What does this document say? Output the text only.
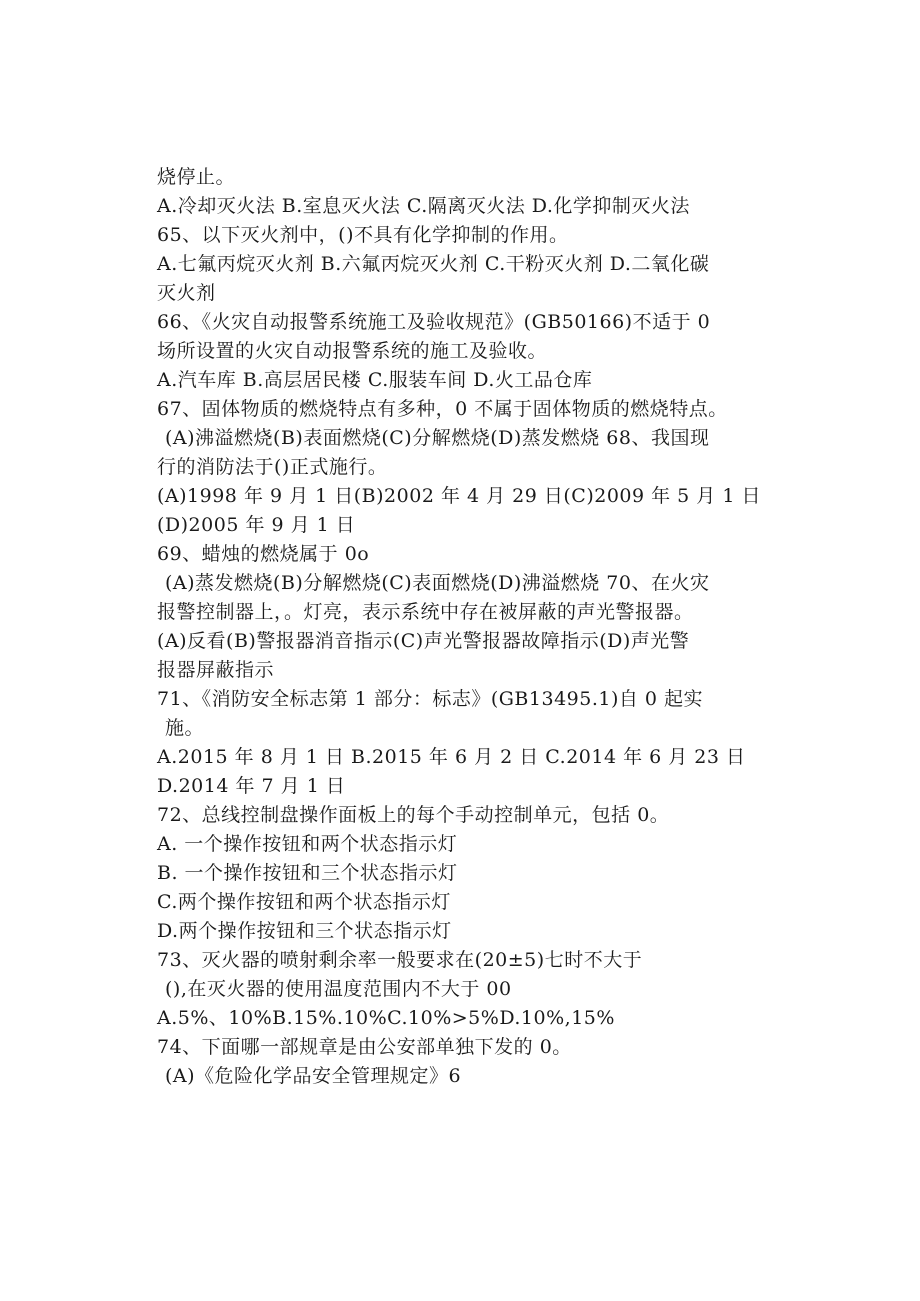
烧停止。

A.冷却灭火法 B.室息灭火法 C.隔离灭火法 D.化学抑制灭火法

65、以下灭火剂中，()不具有化学抑制的作用。

A.七氟丙烷灭火剂 B.六氟丙烷灭火剂 C.干粉灭火剂 D.二氧化碳

灭火剂

66、《火灾自动报警系统施工及验收规范》(GB50166)不适于 0

场所设置的火灾自动报警系统的施工及验收。

A.汽车库 B.高层居民楼 C.服装车间 D.火工品仓库

67、固体物质的燃烧特点有多种，0 不属于固体物质的燃烧特点。

(A)沸溢燃烧(B)表面燃烧(C)分解燃烧(D)蒸发燃烧 68、我国现

行的消防法于()正式施行。

(A)1998 年 9 月 1 日(B)2002 年 4 月 29 日(C)2009 年 5 月 1 日

(D)2005 年 9 月 1 日

69、蜡烛的燃烧属于 0o

(A)蒸发燃烧(B)分解燃烧(C)表面燃烧(D)沸溢燃烧 70、在火灾

报警控制器上，。灯亮，表示系统中存在被屏蔽的声光警报器。

(A)反看(B)警报器消音指示(C)声光警报器故障指示(D)声光警

报器屏蔽指示

71、《消防安全标志第 1 部分：标志》(GB13495.1)自 0 起实

施。

A.2015 年 8 月 1 日 B.2015 年 6 月 2 日 C.2014 年 6 月 23 日

D.2014 年 7 月 1 日

72、总线控制盘操作面板上的每个手动控制单元，包括 0。

A. 一个操作按钮和两个状态指示灯

B. 一个操作按钮和三个状态指示灯

C.两个操作按钮和两个状态指示灯

D.两个操作按钮和三个状态指示灯

73、灭火器的喷射剩余率一般要求在(20±5)七时不大于

(),在灭火器的使用温度范围内不大于 00

A.5%、10%B.15%.10%C.10%>5%D.10%,15%

74、下面哪一部规章是由公安部单独下发的 0。

(A)《危险化学品安全管理规定》6
